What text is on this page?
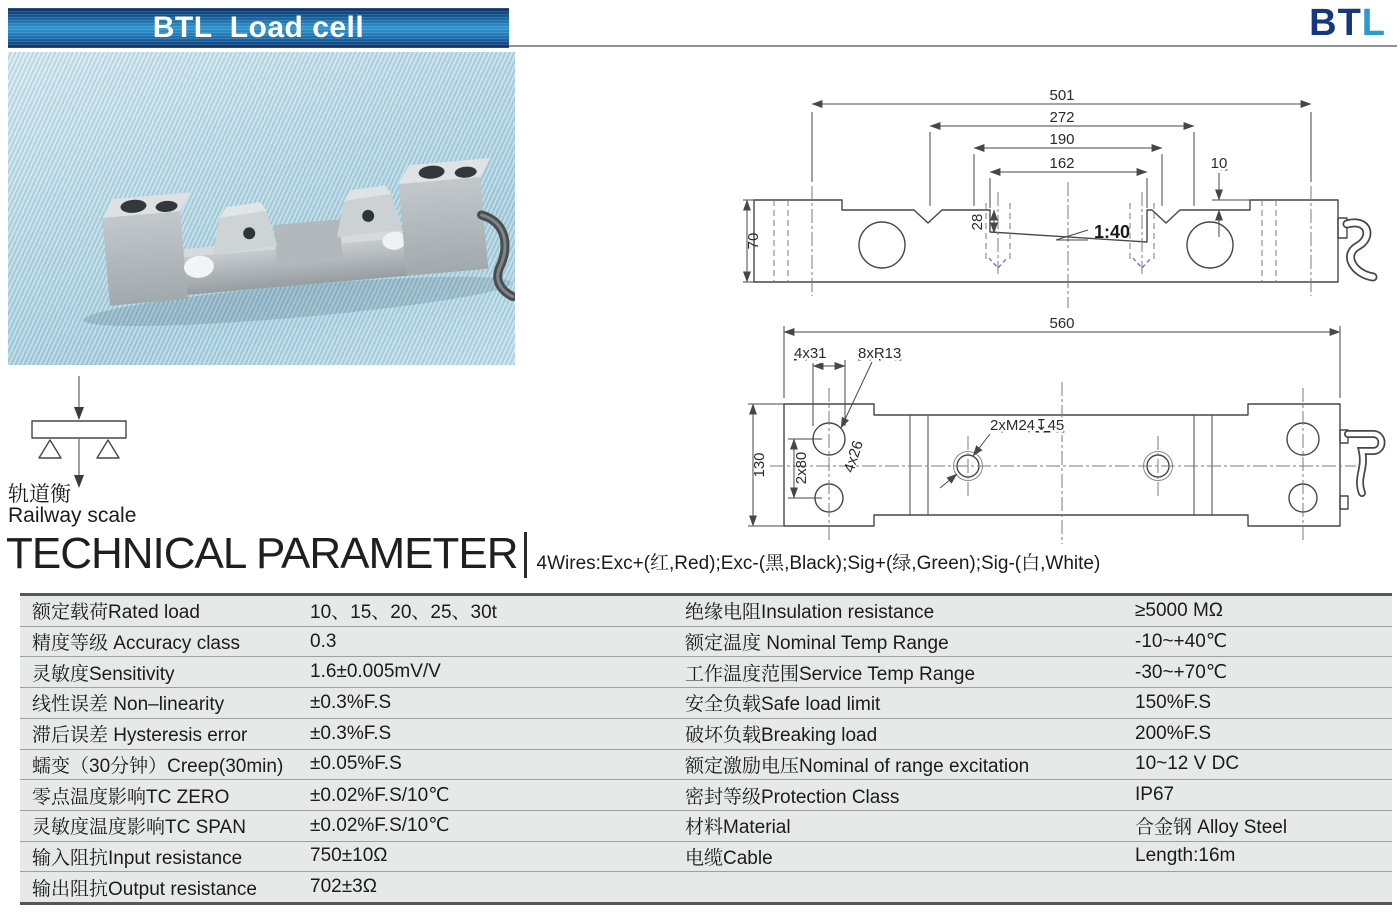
BTL  Load cell	BTL
轨道衡
Railway scale
TECHNICAL PARAMETER 4Wires:Exc+(红,Red);Exc-(黑,Black);Sig+(绿,Green);Sig-(白,White)
额定载荷Rated load	10、15、20、25、30t	绝缘电阻Insulation resistance	≥5000 MΩ
精度等级 Accuracy class	0.3	额定温度 Nominal Temp Range	-10~+40℃
灵敏度Sensitivity	1.6±0.005mV/V	工作温度范围Service Temp Range	-30~+70℃
线性误差 Non–linearity	±0.3%F.S	安全负载Safe load limit	150%F.S
滞后误差 Hysteresis error	±0.3%F.S	破坏负载Breaking load	200%F.S
蠕变（30分钟）Creep(30min)	±0.05%F.S	额定激励电压Nominal of range excitation	10~12 V DC
零点温度影响TC ZERO	±0.02%F.S/10℃	密封等级Protection Class	IP67
灵敏度温度影响TC SPAN	±0.02%F.S/10℃	材料Material	合金钢 Alloy Steel
输入阻抗Input resistance	750±10Ω	电缆Cable	Length:16m
输出阻抗Output resistance	702±3Ω
501
272
190
162	10
70
28	1:40
560
4x31 8xR13
4x26
2xM24↧45
130 2x80
